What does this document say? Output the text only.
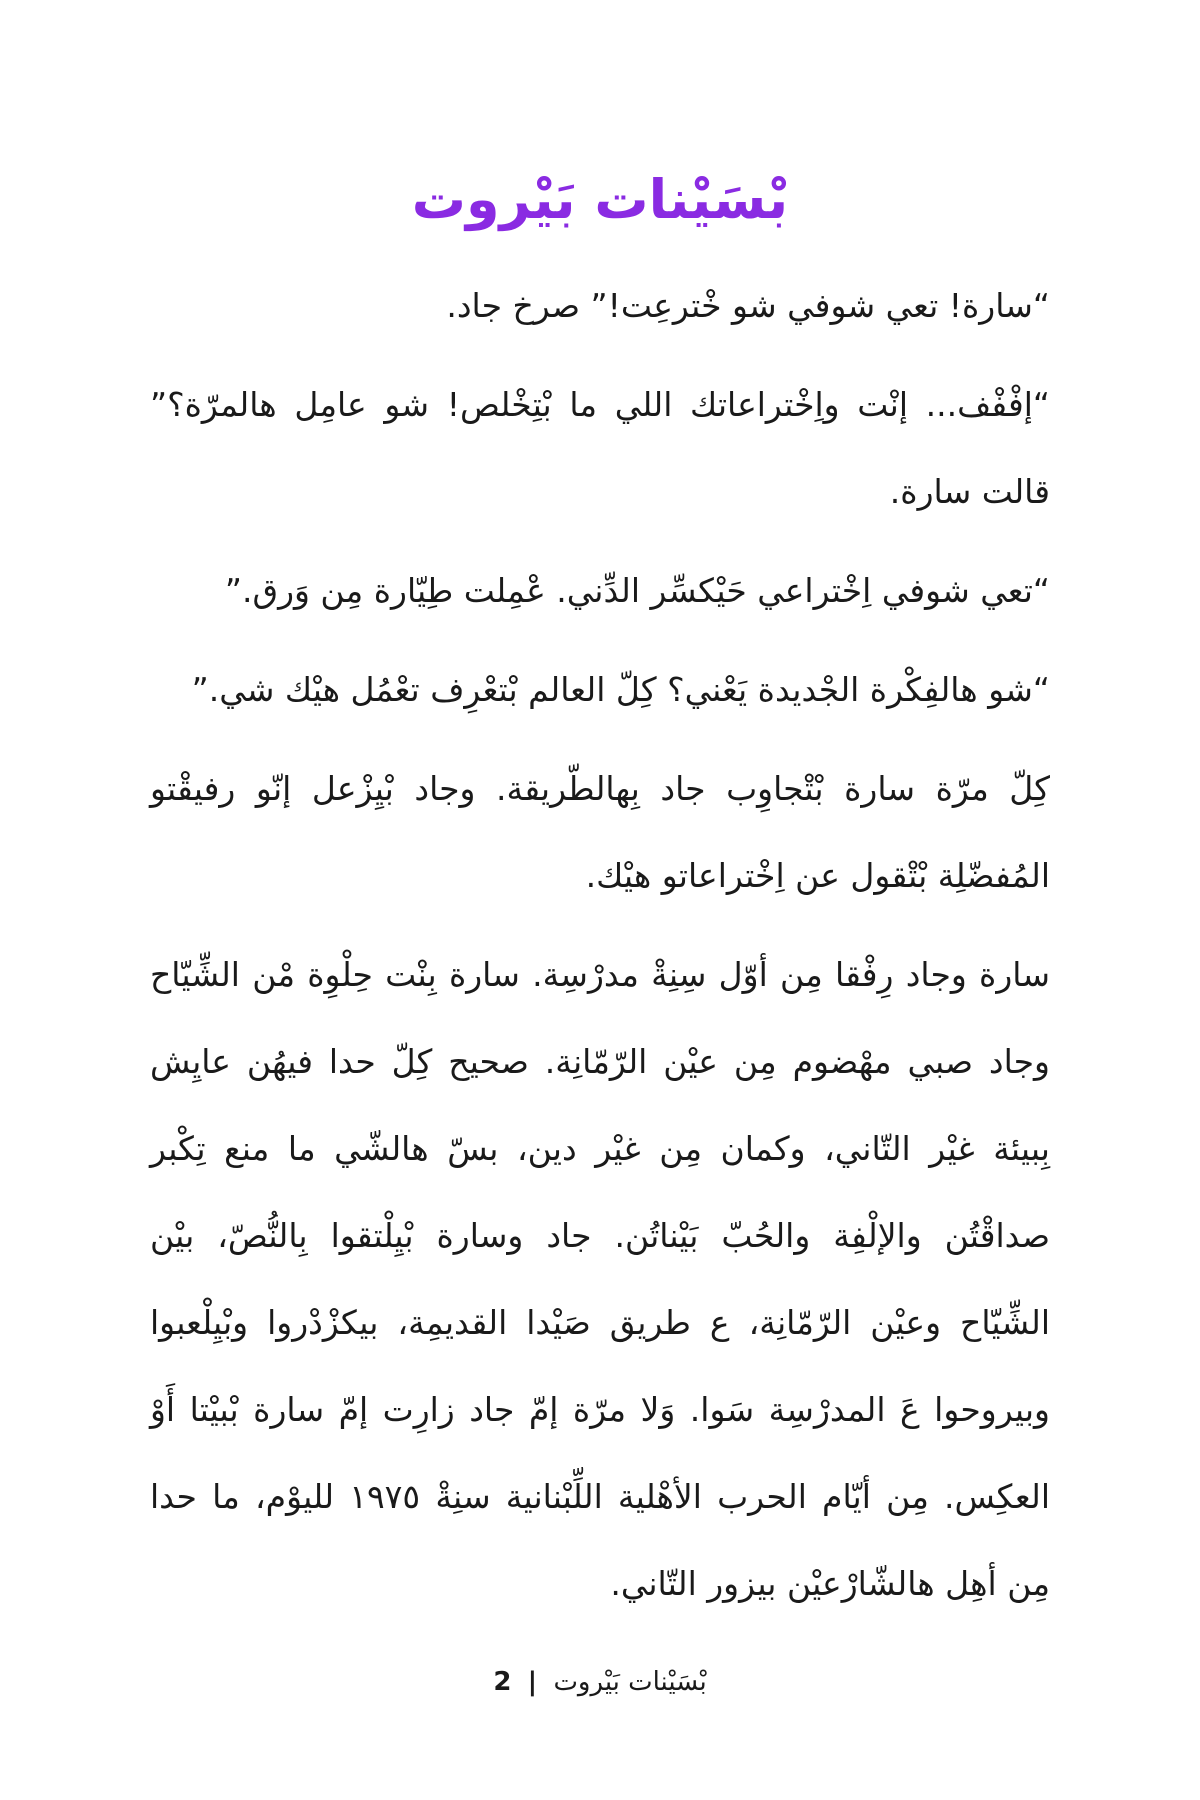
بْسَيْنات بَيْروت

“سارة! تعي شوفي شو خْترعِت!” صرخ جاد.

“إفْفْف... إنْت واِخْتراعاتك اللي ما بْتِخْلص! شو عامِل هالمرّة؟” قالت سارة.

“تعي شوفي اِخْتراعي حَيْكسِّر الدِّني. عْمِلت طِيّارة مِن وَرق.”

“شو هالفِكْرة الجْديدة يَعْني؟ كِلّ العالم بْتعْرِف تعْمُل هيْك شي.”

كِلّ مرّة سارة بْتْجاوِب جاد بِهالطّريقة. وجاد بْيِزْعل إنّو رفيقْتو المُفضّلِة بْتْقول عن اِخْتراعاتو هيْك.

سارة وجاد رِفْقا مِن أوّل سِنِةْ مدرْسِة. سارة بِنْت حِلْوِة مْن الشِّيّاح وجاد صبي مهْضوم مِن عيْن الرّمّانِة. صحيح كِلّ حدا فيهُن عايِش بِبيئة غيْر التّاني، وكمان مِن غيْر دين، بسّ هالشّي ما منع تِكْبر صداقْتُن والإلْفِة والحُبّ بَيْناتُن. جاد وسارة بْيِلْتقوا بِالنُّصّ، بيْن الشِّيّاح وعيْن الرّمّانِة، ع طريق صَيْدا القديمِة، بيكزْدْروا وبْيِلْعبوا وبيروحوا عَ المدرْسِة سَوا. وَلا مرّة إمّ جاد زارِت إمّ سارة بْبيْتا أَوْ العكِس. مِن أيّام الحرب الأهْلية اللِّبْنانية سنِةْ ١٩٧٥ لليوْم، ما حدا مِن أهِل هالشّارْعيْن بيزور التّاني.

بْسَيْنات بَيْروت | 2
